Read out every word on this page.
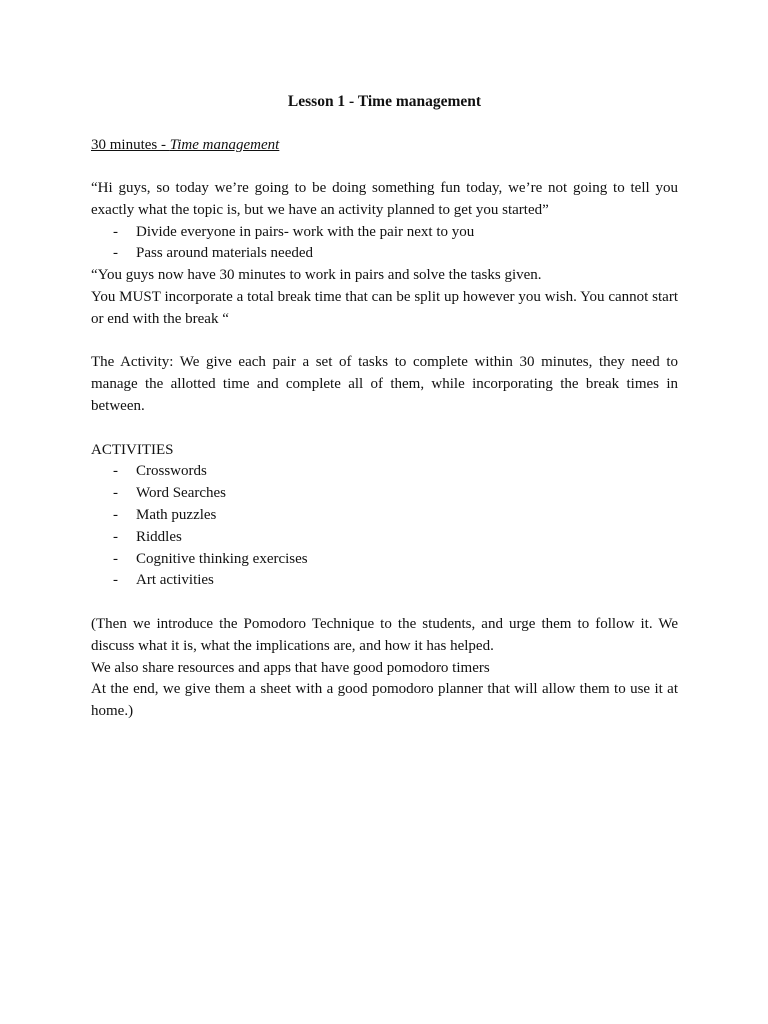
Lesson 1 - Time management

30 minutes - Time management

“Hi guys, so today we’re going to be doing something fun today, we’re not going to tell you exactly what the topic is, but we have an activity planned to get you started”

- Divide everyone in pairs- work with the pair next to you
- Pass around materials needed

“You guys now have 30 minutes to work in pairs and solve the tasks given.

You MUST incorporate a total break time that can be split up however you wish. You cannot start or end with the break “

The Activity: We give each pair a set of tasks to complete within 30 minutes, they need to manage the allotted time and complete all of them, while incorporating the break times in between.

ACTIVITIES

- Crosswords
- Word Searches
- Math puzzles
- Riddles
- Cognitive thinking exercises
- Art activities

(Then we introduce the Pomodoro Technique to the students, and urge them to follow it. We discuss what it is, what the implications are, and how it has helped.

We also share resources and apps that have good pomodoro timers

At the end, we give them a sheet with a good pomodoro planner that will allow them to use it at home.)
